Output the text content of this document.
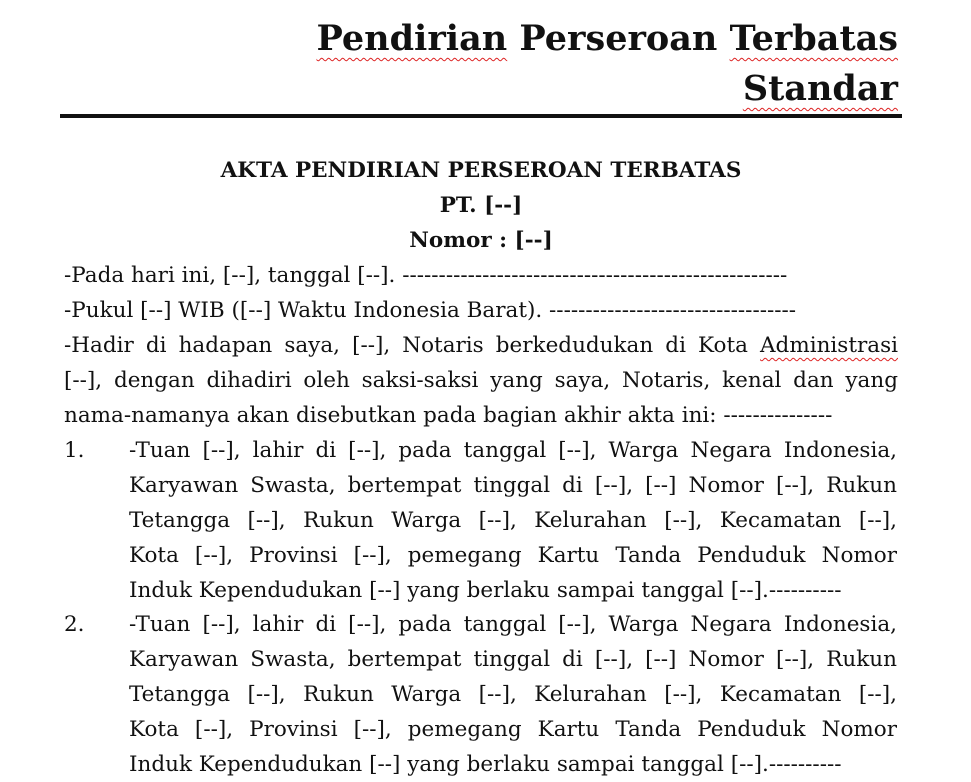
Pendirian Perseroan Terbatas
Standar
AKTA PENDIRIAN PERSEROAN TERBATAS
PT. [--]
Nomor : [--]
-Pada hari ini, [--], tanggal [--]. -----------------------------------------------------
-Pukul [--] WIB ([--] Waktu Indonesia Barat). ----------------------------------
-Hadir di hadapan saya, [--], Notaris berkedudukan di Kota Administrasi
[--], dengan dihadiri oleh saksi-saksi yang saya, Notaris, kenal dan yang
nama-namanya akan disebutkan pada bagian akhir akta ini: ---------------
1. -Tuan [--], lahir di [--], pada tanggal [--], Warga Negara Indonesia,
Karyawan Swasta, bertempat tinggal di [--], [--] Nomor [--], Rukun
Tetangga [--], Rukun Warga [--], Kelurahan [--], Kecamatan [--],
Kota [--], Provinsi [--], pemegang Kartu Tanda Penduduk Nomor
Induk Kependudukan [--] yang berlaku sampai tanggal [--].----------
2. -Tuan [--], lahir di [--], pada tanggal [--], Warga Negara Indonesia,
Karyawan Swasta, bertempat tinggal di [--], [--] Nomor [--], Rukun
Tetangga [--], Rukun Warga [--], Kelurahan [--], Kecamatan [--],
Kota [--], Provinsi [--], pemegang Kartu Tanda Penduduk Nomor
Induk Kependudukan [--] yang berlaku sampai tanggal [--].----------
